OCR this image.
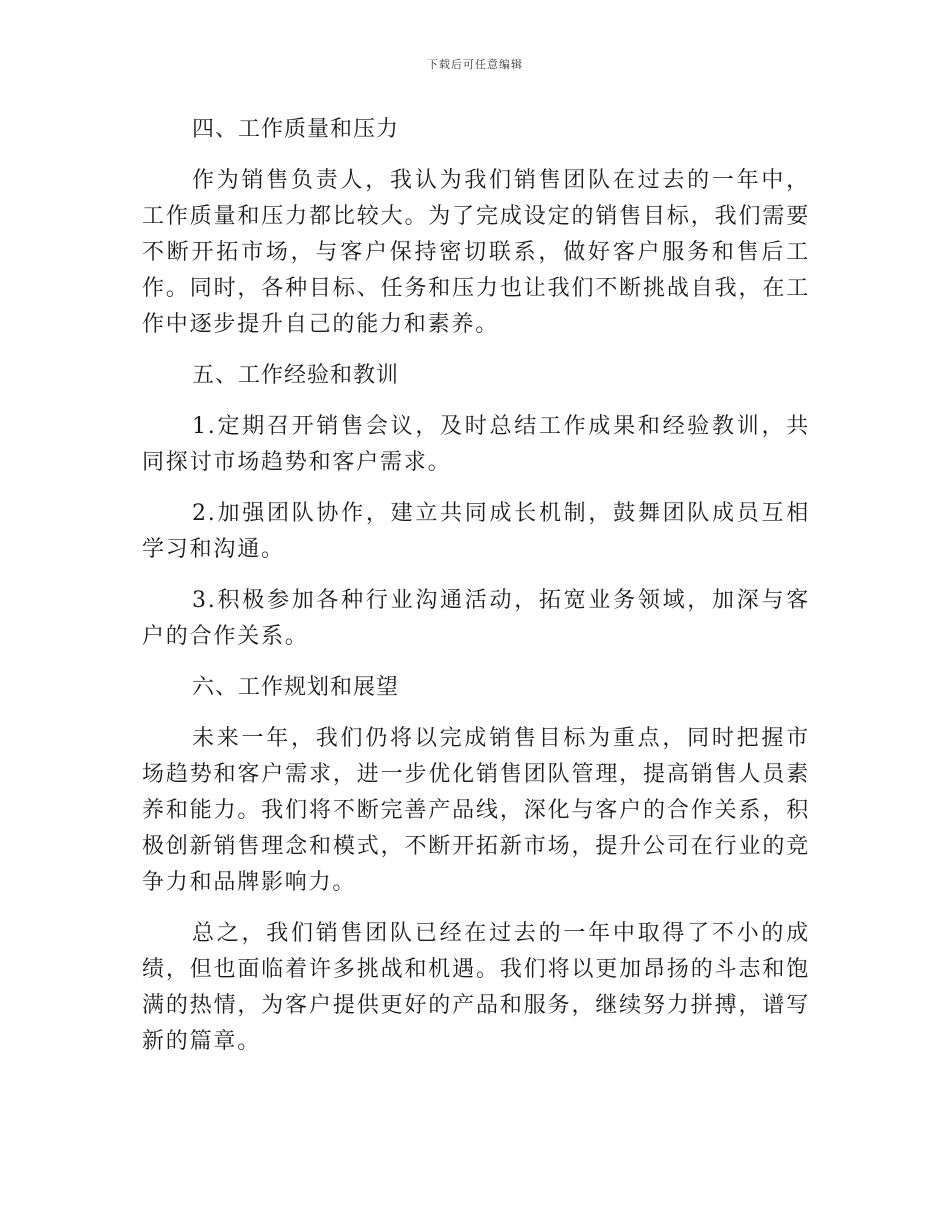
下载后可任意编辑

四、工作质量和压力

作为销售负责人，我认为我们销售团队在过去的一年中，工作质量和压力都比较大。为了完成设定的销售目标，我们需要不断开拓市场，与客户保持密切联系，做好客户服务和售后工作。同时，各种目标、任务和压力也让我们不断挑战自我，在工作中逐步提升自己的能力和素养。

五、工作经验和教训

1.定期召开销售会议，及时总结工作成果和经验教训，共同探讨市场趋势和客户需求。

2.加强团队协作，建立共同成长机制，鼓舞团队成员互相学习和沟通。

3.积极参加各种行业沟通活动，拓宽业务领域，加深与客户的合作关系。

六、工作规划和展望

未来一年，我们仍将以完成销售目标为重点，同时把握市场趋势和客户需求，进一步优化销售团队管理，提高销售人员素养和能力。我们将不断完善产品线，深化与客户的合作关系，积极创新销售理念和模式，不断开拓新市场，提升公司在行业的竞争力和品牌影响力。

总之，我们销售团队已经在过去的一年中取得了不小的成绩，但也面临着许多挑战和机遇。我们将以更加昂扬的斗志和饱满的热情，为客户提供更好的产品和服务，继续努力拼搏，谱写新的篇章。
